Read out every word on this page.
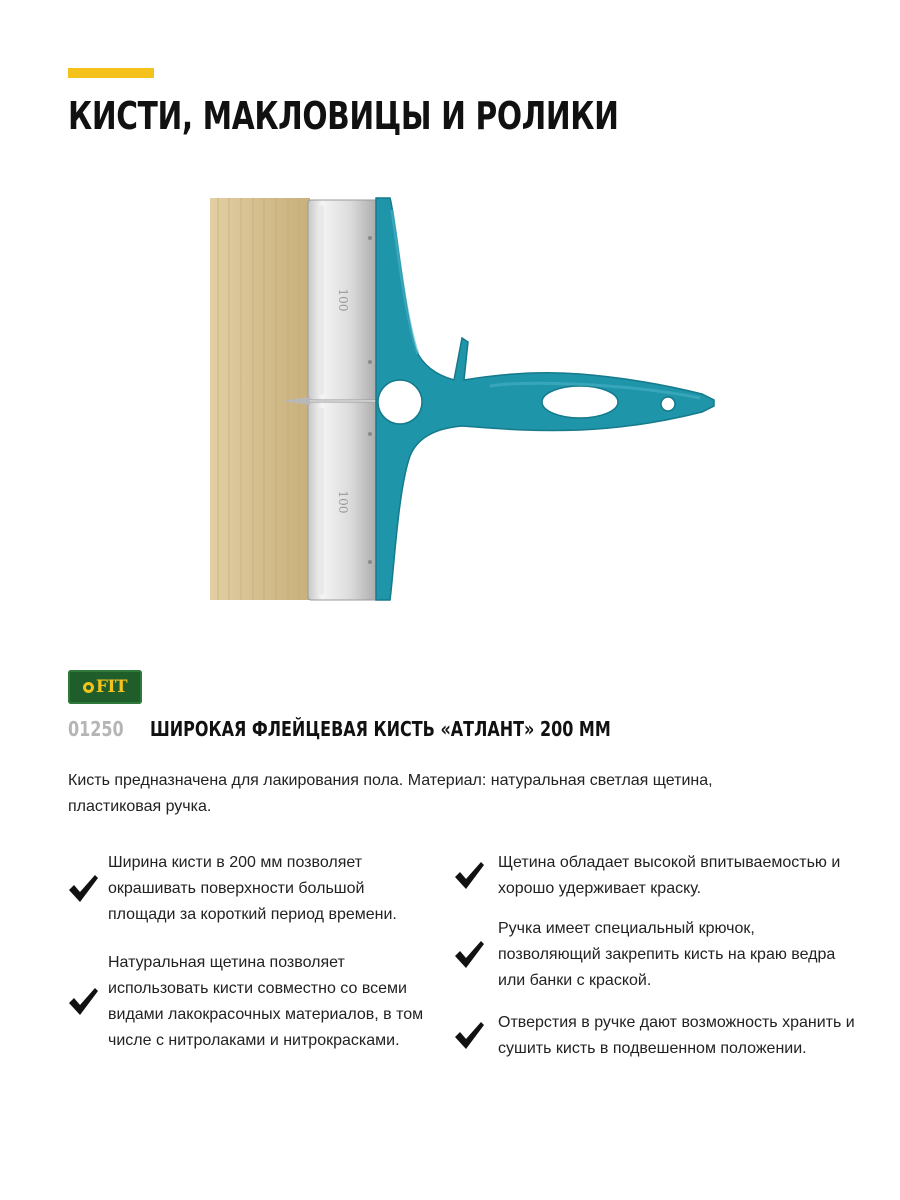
КИСТИ, МАКЛОВИЦЫ И РОЛИКИ
100
100
FIT
01250	ШИРОКАЯ ФЛЕЙЦЕВАЯ КИСТЬ «АТЛАНТ» 200 ММ

Кисть предназначена для лакирования пола. Материал: натуральная светлая щетина, пластиковая ручка.

Ширина кисти в 200 мм позволяет окрашивать поверхности большой площади за короткий период времени.

Натуральная щетина позволяет использовать кисти совместно со всеми видами лакокрасочных материалов, в том числе с нитролаками и нитрокрасками.

Щетина обладает высокой впитываемостью и хорошо удерживает краску.

Ручка имеет специальный крючок, позволяющий закрепить кисть на краю ведра или банки с краской.

Отверстия в ручке дают возможность хранить и сушить кисть в подвешенном положении.
